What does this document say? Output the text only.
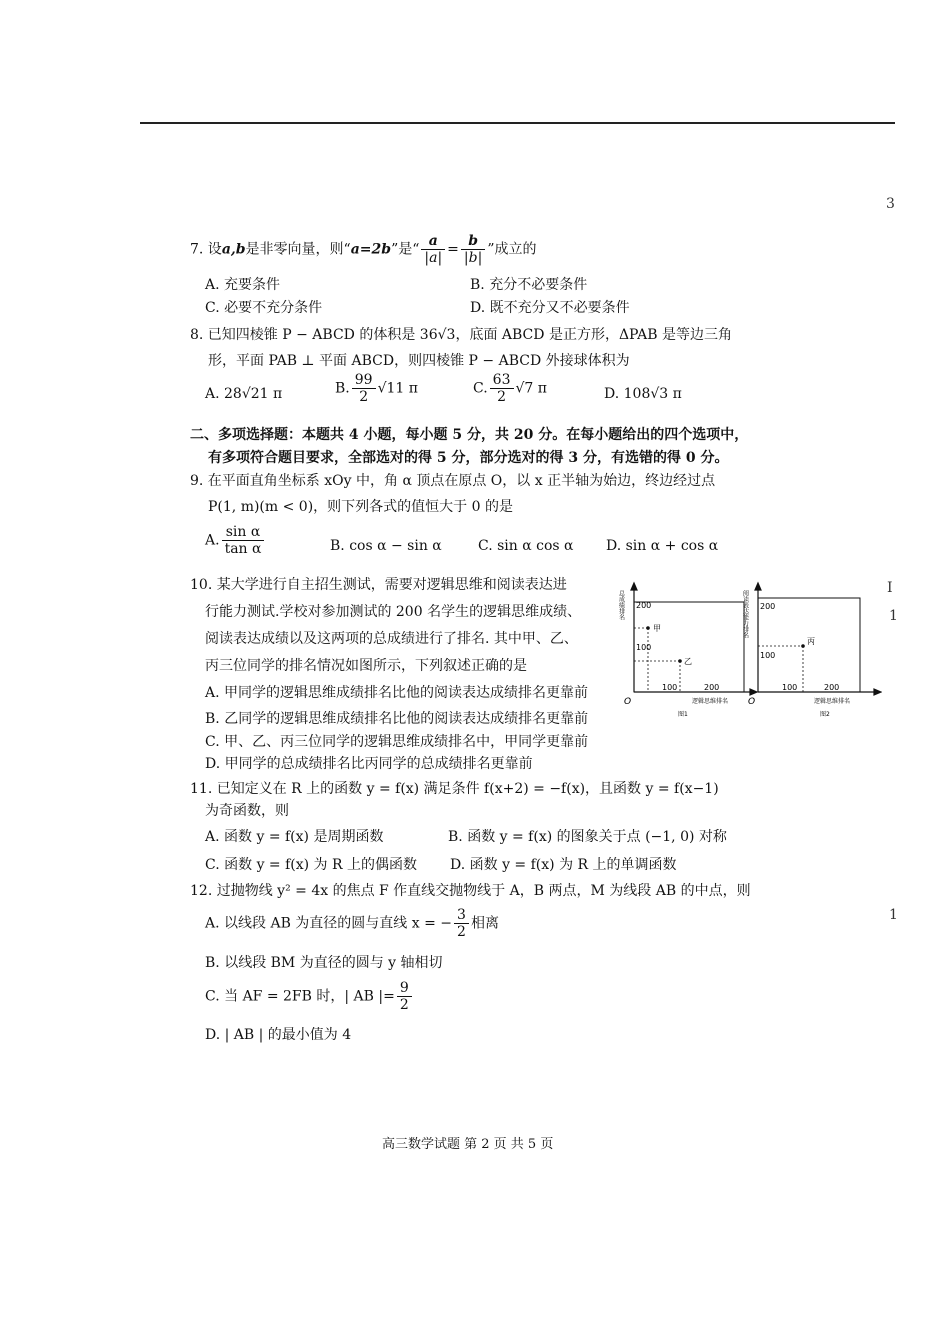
7. 设a,b是非零向量，则“a=2b”是“ $\frac{a}{|a|} = \frac{b}{|b|}$ ”成立的
A. 充要条件	B. 充分不必要条件
C. 必要不充分条件	D. 既不充分又不必要条件
8. 已知四棱锥 P − ABCD 的体积是 36√3，底面 ABCD 是正方形，ΔPAB 是等边三角
形，平面 PAB ⊥ 平面 ABCD，则四棱锥 P − ABCD 外接球体积为
A. 28√21 π	B. $\frac{99}{2} √11$ π	C. $\frac{63}{2} √7$ π	D. 108√3 π
二、多项选择题：本题共 4 小题，每小题 5 分，共 20 分。在每小题给出的四个选项中，
有多项符合题目要求，全部选对的得 5 分，部分选对的得 3 分，有选错的得 0 分。
9. 在平面直角坐标系 xOy 中，角 α 顶点在原点 O，以 x 正半轴为始边，终边经过点
P(1, m)(m < 0)，则下列各式的值恒大于 0 的是
A. $\frac{\text{sin α}}{\text{tan α}}$	B. cos α − sin α	C. sin α cos α D. sin α + cos α
10. 某大学进行自主招生测试，需要对逻辑思维和阅读表达进
行能力测试.学校对参加测试的 200 名学生的逻辑思维成绩、
阅读表达成绩以及这两项的总成绩进行了排名. 其中甲、乙、
丙三位同学的排名情况如图所示，下列叙述正确的是
A. 甲同学的逻辑思维成绩排名比他的阅读表达成绩排名更靠前
B. 乙同学的逻辑思维成绩排名比他的阅读表达成绩排名更靠前
C. 甲、乙、丙三位同学的逻辑思维成绩排名中，甲同学更靠前
D. 甲同学的总成绩排名比丙同学的总成绩排名更靠前
甲
乙
200
100
100	200
O	逻辑思维排名
图1
总成绩排名
丙
200
100
100	200
O	逻辑思维排名
图2
阅读表达能力排名
11. 已知定义在 R 上的函数 y = f(x) 满足条件 f(x+2) = −f(x)，且函数 y = f(x−1)
为奇函数，则
A. 函数 y = f(x) 是周期函数	B. 函数 y = f(x) 的图象关于点 (−1, 0) 对称
C. 函数 y = f(x) 为 R 上的偶函数 D. 函数 y = f(x) 为 R 上的单调函数
12. 过抛物线 y² = 4x 的焦点 F 作直线交抛物线于 A，B 两点，M 为线段 AB 的中点，则
A. 以线段 AB 为直径的圆与直线 x = − $\frac{3}{2}$ 相离
B. 以线段 BM 为直径的圆与 y 轴相切
C. 当 AF = 2FB 时，| AB |= $\frac{9}{2}$
D. | AB | 的最小值为 4
高三数学试题 第 2 页 共 5 页
3
I
1
1
